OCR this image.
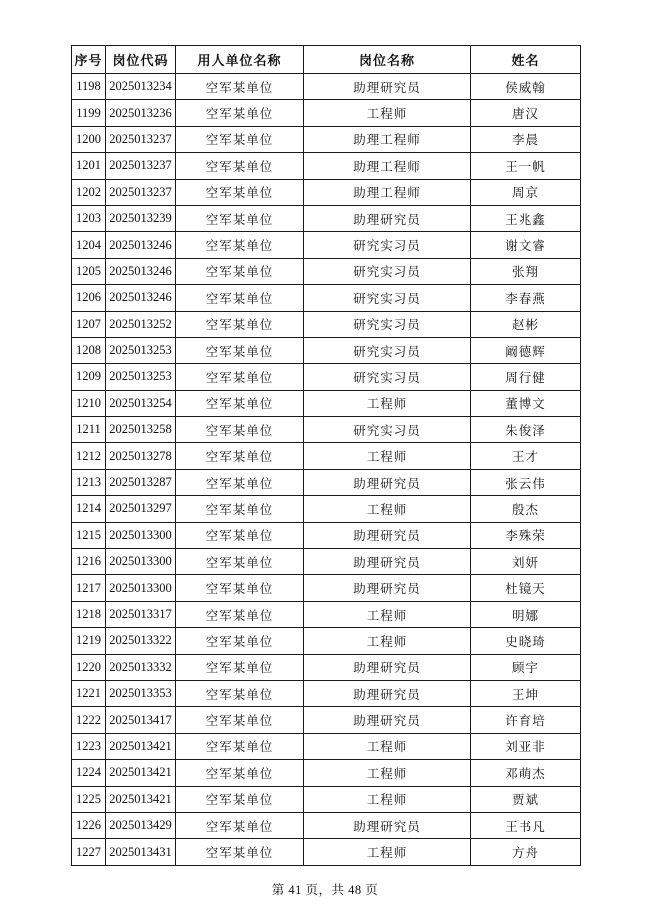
序号	岗位代码	用人单位名称	岗位名称	姓名
1198	2025013234	空军某单位	助理研究员	侯威翰
1199	2025013236	空军某单位	工程师	唐汉
1200	2025013237	空军某单位	助理工程师	李晨
1201	2025013237	空军某单位	助理工程师	王一帆
1202	2025013237	空军某单位	助理工程师	周京
1203	2025013239	空军某单位	助理研究员	王兆鑫
1204	2025013246	空军某单位	研究实习员	谢文睿
1205	2025013246	空军某单位	研究实习员	张翔
1206	2025013246	空军某单位	研究实习员	李春燕
1207	2025013252	空军某单位	研究实习员	赵彬
1208	2025013253	空军某单位	研究实习员	阚德辉
1209	2025013253	空军某单位	研究实习员	周行健
1210	2025013254	空军某单位	工程师	董博文
1211	2025013258	空军某单位	研究实习员	朱俊泽
1212	2025013278	空军某单位	工程师	王才
1213	2025013287	空军某单位	助理研究员	张云伟
1214	2025013297	空军某单位	工程师	殷杰
1215	2025013300	空军某单位	助理研究员	李殊荣
1216	2025013300	空军某单位	助理研究员	刘妍
1217	2025013300	空军某单位	助理研究员	杜镜天
1218	2025013317	空军某单位	工程师	明娜
1219	2025013322	空军某单位	工程师	史晓琦
1220	2025013332	空军某单位	助理研究员	顾宇
1221	2025013353	空军某单位	助理研究员	王坤
1222	2025013417	空军某单位	助理研究员	许育培
1223	2025013421	空军某单位	工程师	刘亚非
1224	2025013421	空军某单位	工程师	邓萌杰
1225	2025013421	空军某单位	工程师	贾斌
1226	2025013429	空军某单位	助理研究员	王书凡
1227	2025013431	空军某单位	工程师	方舟
第 41 页，共 48 页
